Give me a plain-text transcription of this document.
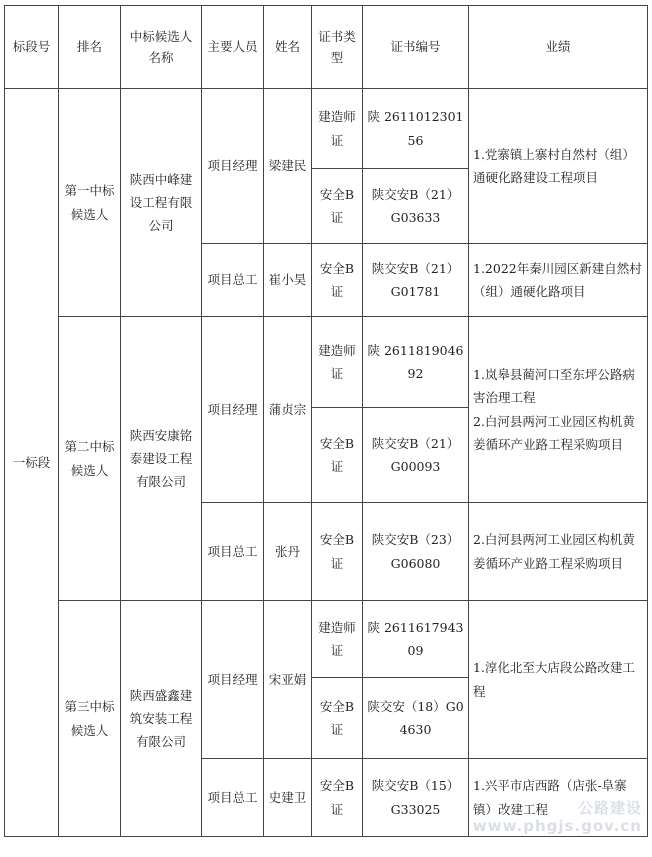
标段号	排名	中标候选人名称	主要人员	姓名	证书类型	证书编号	业绩
一标段	第一中标候选人	陕西中峰建设工程有限公司	项目经理	梁建民	建造师证	陕 261101230156	1.党寨镇上寨村自然村（组）通硬化路建设工程项目

					安全B证	陕交安B（21）G03633	
			项目总工	崔小昊	安全B证	陕交安B（21）G01781	1.2022年秦川园区新建自然村（组）通硬化路项目

	第二中标候选人	陕西安康铭泰建设工程有限公司	项目经理	蒲贞宗	建造师证	陕 261181904692	1.岚皋县蔺河口至东坪公路病害治理工程
2.白河县两河工业园区构机黄姜循环产业路工程采购项目

					安全B证	陕交安B（21）G00093	
			项目总工	张丹	安全B证	陕交安B（23）G06080	2.白河县两河工业园区构机黄姜循环产业路工程采购项目

	第三中标候选人	陕西盛鑫建筑安装工程有限公司	项目经理	宋亚娟	建造师证	陕 261161794309	1.淳化北至大店段公路改建工程

					安全B证	陕交安（18）G04630	
			项目总工	史建卫	安全B证	陕交安B（15）G33025	1.兴平市店西路（店张-阜寨镇）改建工程	公路建设
www.phgjs.gov.cn
